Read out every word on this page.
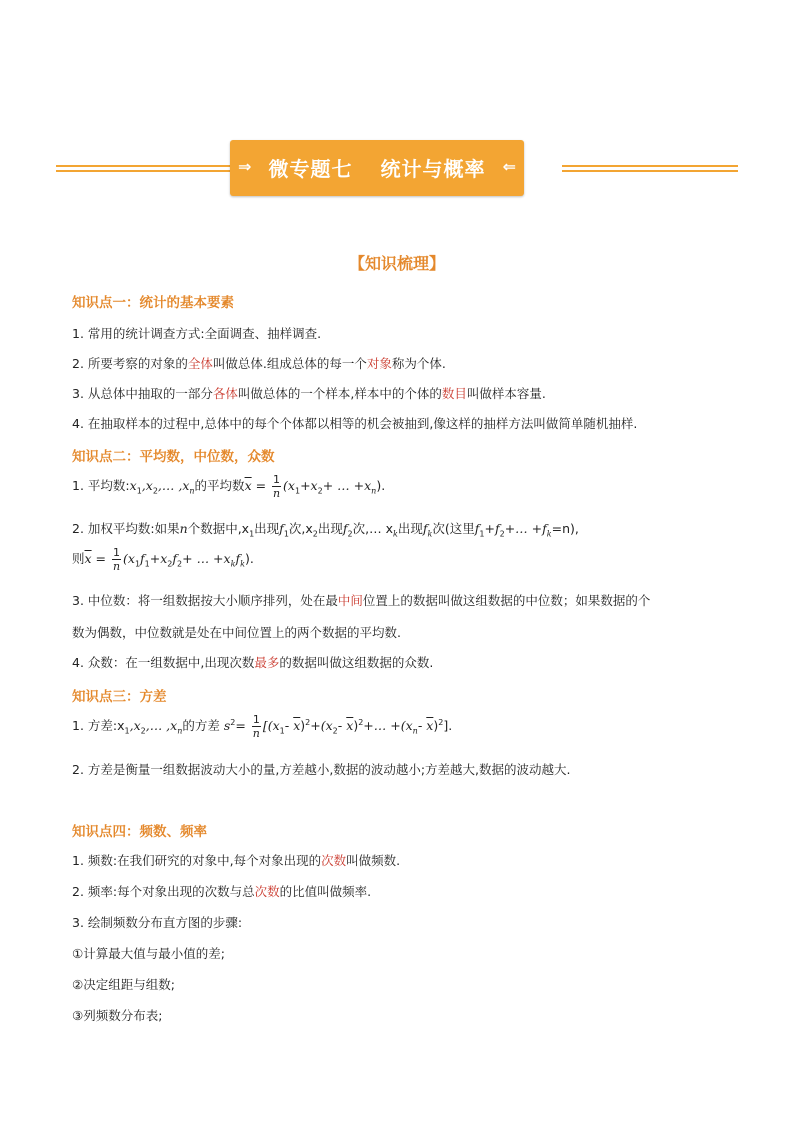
⇒ 微专题七 统计与概率	⇐
【知识梳理】
知识点一：统计的基本要素
1. 常用的统计调查方式:全面调查、抽样调查.
2. 所要考察的对象的全体叫做总体.组成总体的每一个对象称为个体.
3. 从总体中抽取的一部分各体叫做总体的一个样本,样本中的个体的数目叫做样本容量.
4. 在抽取样本的过程中,总体中的每个个体都以相等的机会被抽到,像这样的抽样方法叫做简单随机抽样.
知识点二：平均数，中位数，众数
1. 平均数$:x_1,x_2,\dots$ $,x_n$的平均数$\overline{x} = \frac{1}{n} (x_1+x_2+$ … $+x_n$).
2. 加权平均数:如果n个数据中$,x_1$出现$f_1$次$,x_2$出现$f_2$次,… $x_k$出现$f_k$次(这里$f_1+f_2+\dots +f_k=n$),
则$\overline{x} = \frac{1}{n} (x_1f_1+x_2f_2+$ … $+x_kf_k$).
3. 中位数：将一组数据按大小顺序排列，处在最中间位置上的数据叫做这组数据的中位数；如果数据的个
数为偶数，中位数就是处在中间位置上的两个数据的平均数.
4. 众数：在一组数据中,出现次数最多的数据叫做这组数据的众数.
知识点三：方差
1. 方差$:x_1,x_2,\dots$ $,x_n$的方差 $s^2= \frac{1}{n} [(x_1-$ $\overline{x})^2+(x_2-$ $\overline{x})^2+\dots +(x_n-$ $\overline{x})^2$].
2. 方差是衡量一组数据波动大小的量,方差越小,数据的波动越小;方差越大,数据的波动越大.
知识点四：频数、频率
1. 频数:在我们研究的对象中,每个对象出现的次数叫做频数.
2. 频率:每个对象出现的次数与总次数的比值叫做频率.
3. 绘制频数分布直方图的步骤:
①计算最大值与最小值的差;
②决定组距与组数;
③列频数分布表;
